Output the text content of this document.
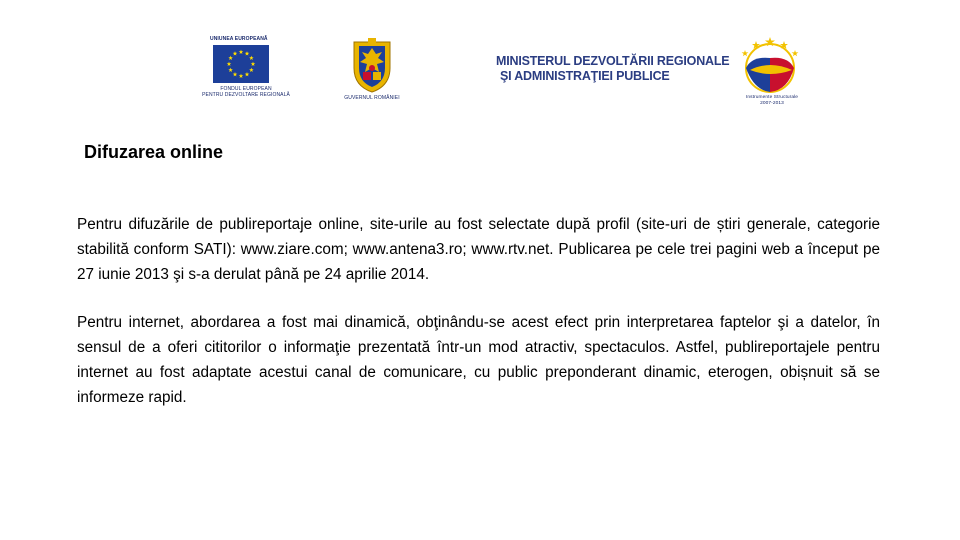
UNIUNEA EUROPEANĂ
FONDUL EUROPEAN
PENTRU DEZVOLTARE REGIONALĂ	GUVERNUL ROMÂNIEI
MINISTERUL DEZVOLTĂRII REGIONALE
ŞI ADMINISTRAŢIEI PUBLICE
Instrumente Structurale
2007-2013
Difuzarea online

Pentru difuzările de publireportaje online, site-urile au fost selectate după profil (site-uri de știri generale, categorie stabilită conform SATI): www.ziare.com; www.antena3.ro; www.rtv.net. Publicarea pe cele trei pagini web a început pe 27 iunie 2013 şi s-a derulat până pe 24 aprilie 2014.

Pentru internet, abordarea a fost mai dinamică, obţinându-se acest efect prin interpretarea faptelor şi a datelor, în sensul de a oferi cititorilor o informaţie prezentată într-un mod atractiv, spectaculos. Astfel, publireportajele pentru internet au fost adaptate acestui canal de comunicare, cu public preponderant dinamic, eterogen, obișnuit să se informeze rapid.
